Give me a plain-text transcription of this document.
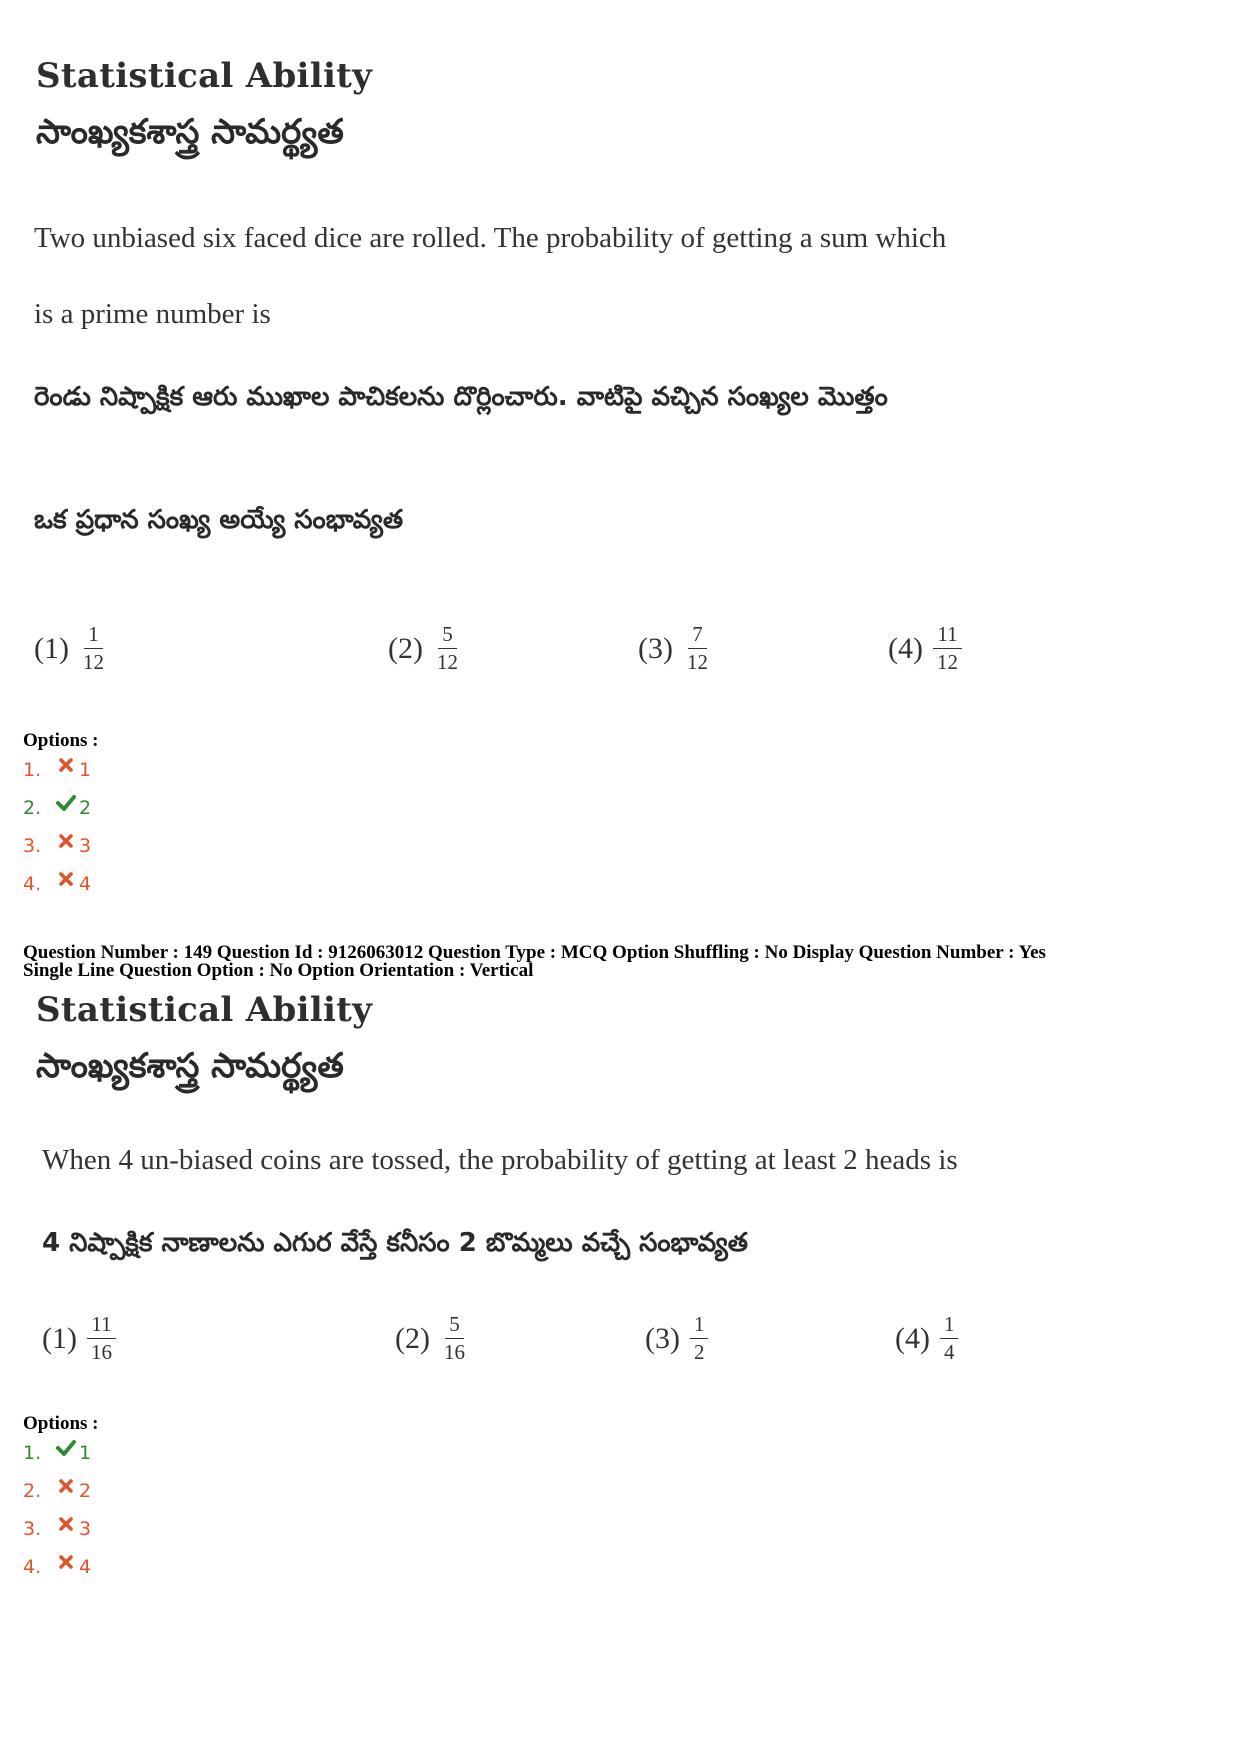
Statistical Ability
సాంఖ్యకశాస్త్ర సామర్థ్యత
Two unbiased six faced dice are rolled. The probability of getting a sum which
is a prime number is
రెండు నిష్పాక్షిక ఆరు ముఖాల పాచికలను దొర్లించారు. వాటిపై వచ్చిన సంఖ్యల మొత్తం
ఒక ప్రధాన సంఖ్య అయ్యే సంభావ్యత
$(1) \frac{1}{12}$	$(2) \frac{5}{12}$	$(3) \frac{7}{12}$	$(4) \frac{11}{12}$
Options :
1.	1
2.	2
3.	3
4.	4
Question Number : 149 Question Id : 9126063012 Question Type : MCQ Option Shuffling : No Display Question Number : Yes
Single Line Question Option : No Option Orientation : Vertical
Statistical Ability
సాంఖ్యకశాస్త్ర సామర్థ్యత
When 4 un-biased coins are tossed, the probability of getting at least 2 heads is
4 నిష్పాక్షిక నాణాలను ఎగుర వేస్తే కనీసం 2 బొమ్మలు వచ్చే సంభావ్యత
$(1) \frac{11}{16}$	$(2) \frac{5}{16}$	$(3) \frac{1}{2}$	$(4) \frac{1}{4}$
Options :
1.	1
2.	2
3.	3
4.	4
